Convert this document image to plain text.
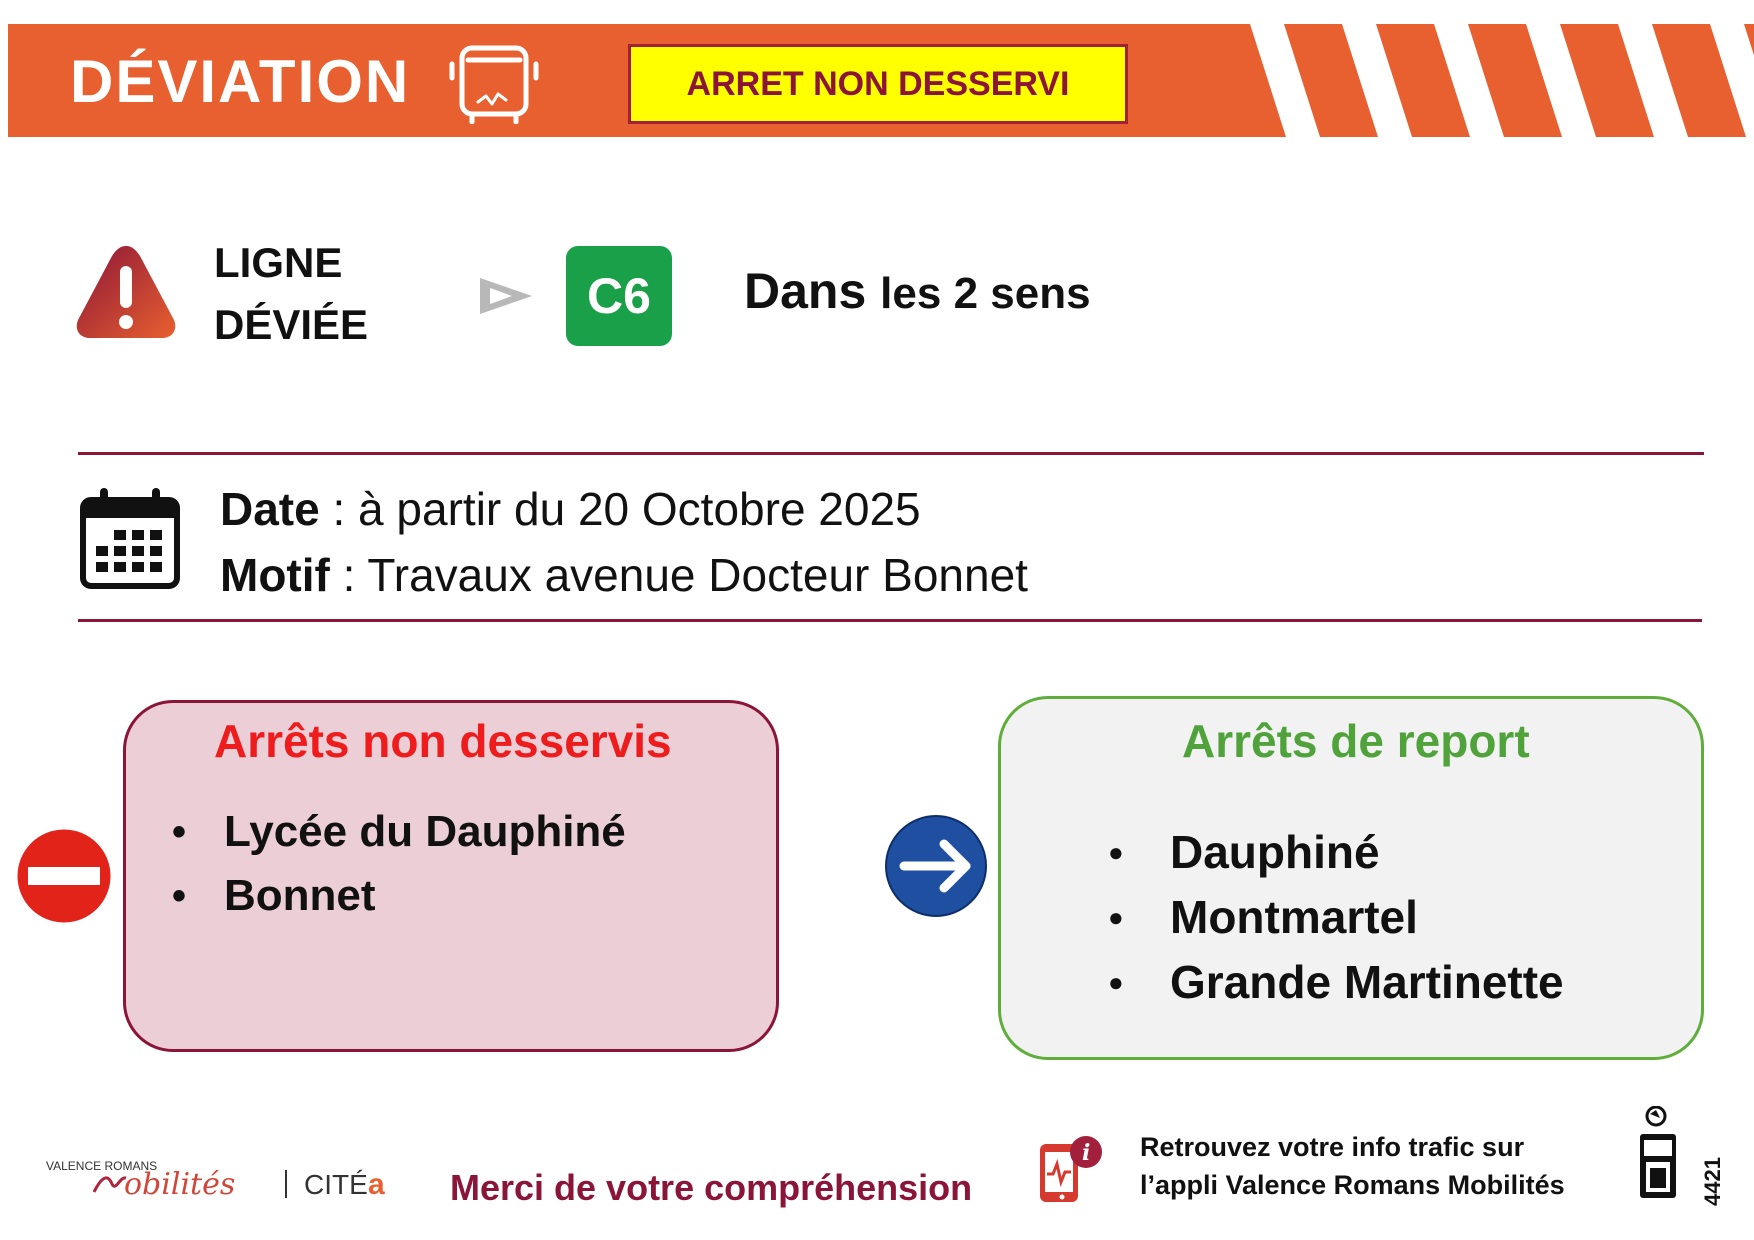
DÉVIATION	ARRET NON DESSERVI
LIGNE
DÉVIÉE
C6	Dans les 2 sens
Date : à partir du 20 Octobre 2025
Motif : Travaux avenue Docteur Bonnet
Arrêts non desservis
• Lycée du Dauphiné
• Bonnet
Arrêts de report
● Dauphiné
● Montmartel
● Grande Martinette
VALENCE ROMANS
obilités CITÉ a Merci de votre compréhension
i Retrouvez votre info trafic sur
l’appli Valence Romans Mobilités	4421
